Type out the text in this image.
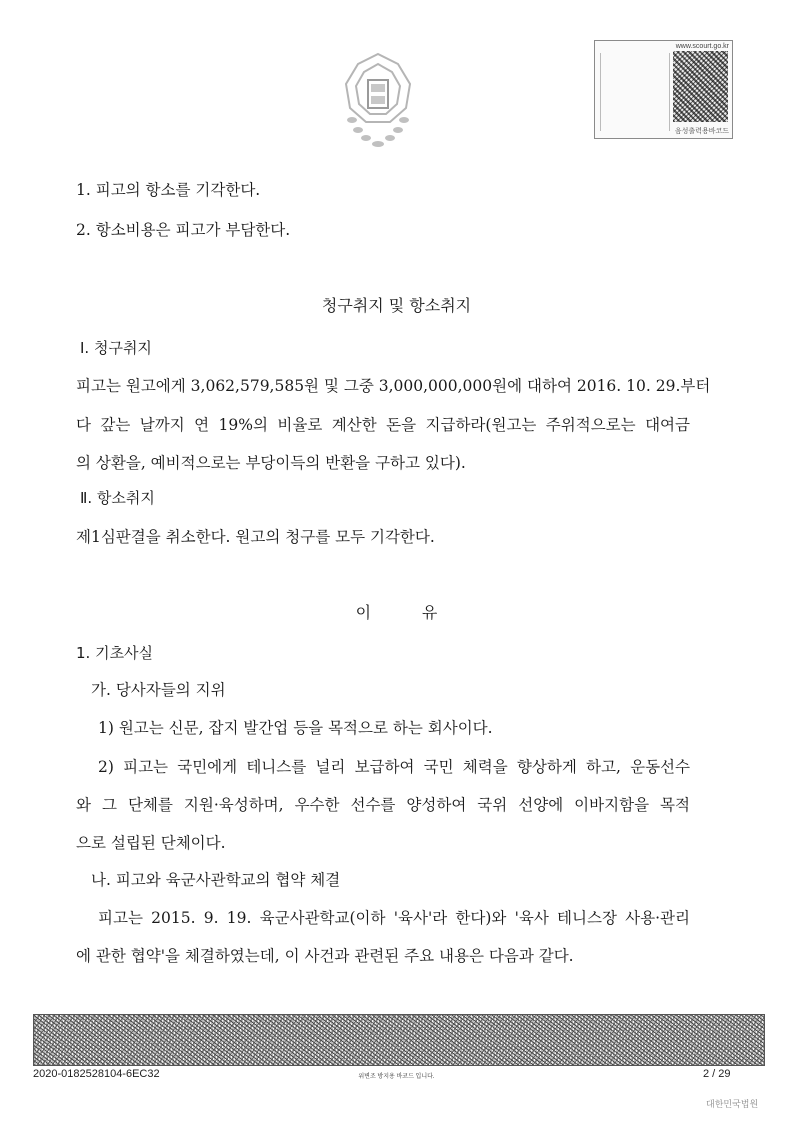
www.scourt.go.kr
음성출력용바코드
1. 피고의 항소를 기각한다.
2. 항소비용은 피고가 부담한다.
청구취지 및 항소취지
Ⅰ. 청구취지
피고는 원고에게 3,062,579,585원 및 그중 3,000,000,000원에 대하여 2016. 10. 29.부터
다 갚는 날까지 연 19%의 비율로 계산한 돈을 지급하라(원고는 주위적으로는 대여금
의 상환을, 예비적으로는 부당이득의 반환을 구하고 있다).
Ⅱ. 항소취지
제1심판결을 취소한다. 원고의 청구를 모두 기각한다.
이          유
1. 기초사실
가. 당사자들의 지위
1) 원고는 신문, 잡지 발간업 등을 목적으로 하는 회사이다.
2) 피고는 국민에게 테니스를 널리 보급하여 국민 체력을 향상하게 하고, 운동선수
와 그 단체를 지원·육성하며, 우수한 선수를 양성하여 국위 선양에 이바지함을 목적
으로 설립된 단체이다.
나. 피고와 육군사관학교의 협약 체결
피고는 2015. 9. 19. 육군사관학교(이하 '육사'라 한다)와 '육사 테니스장 사용·관리
에 관한 협약'을 체결하였는데, 이 사건과 관련된 주요 내용은 다음과 같다.
2020-0182528104-6EC32	위변조 방지용 바코드 입니다.	2 / 29
대한민국법원
